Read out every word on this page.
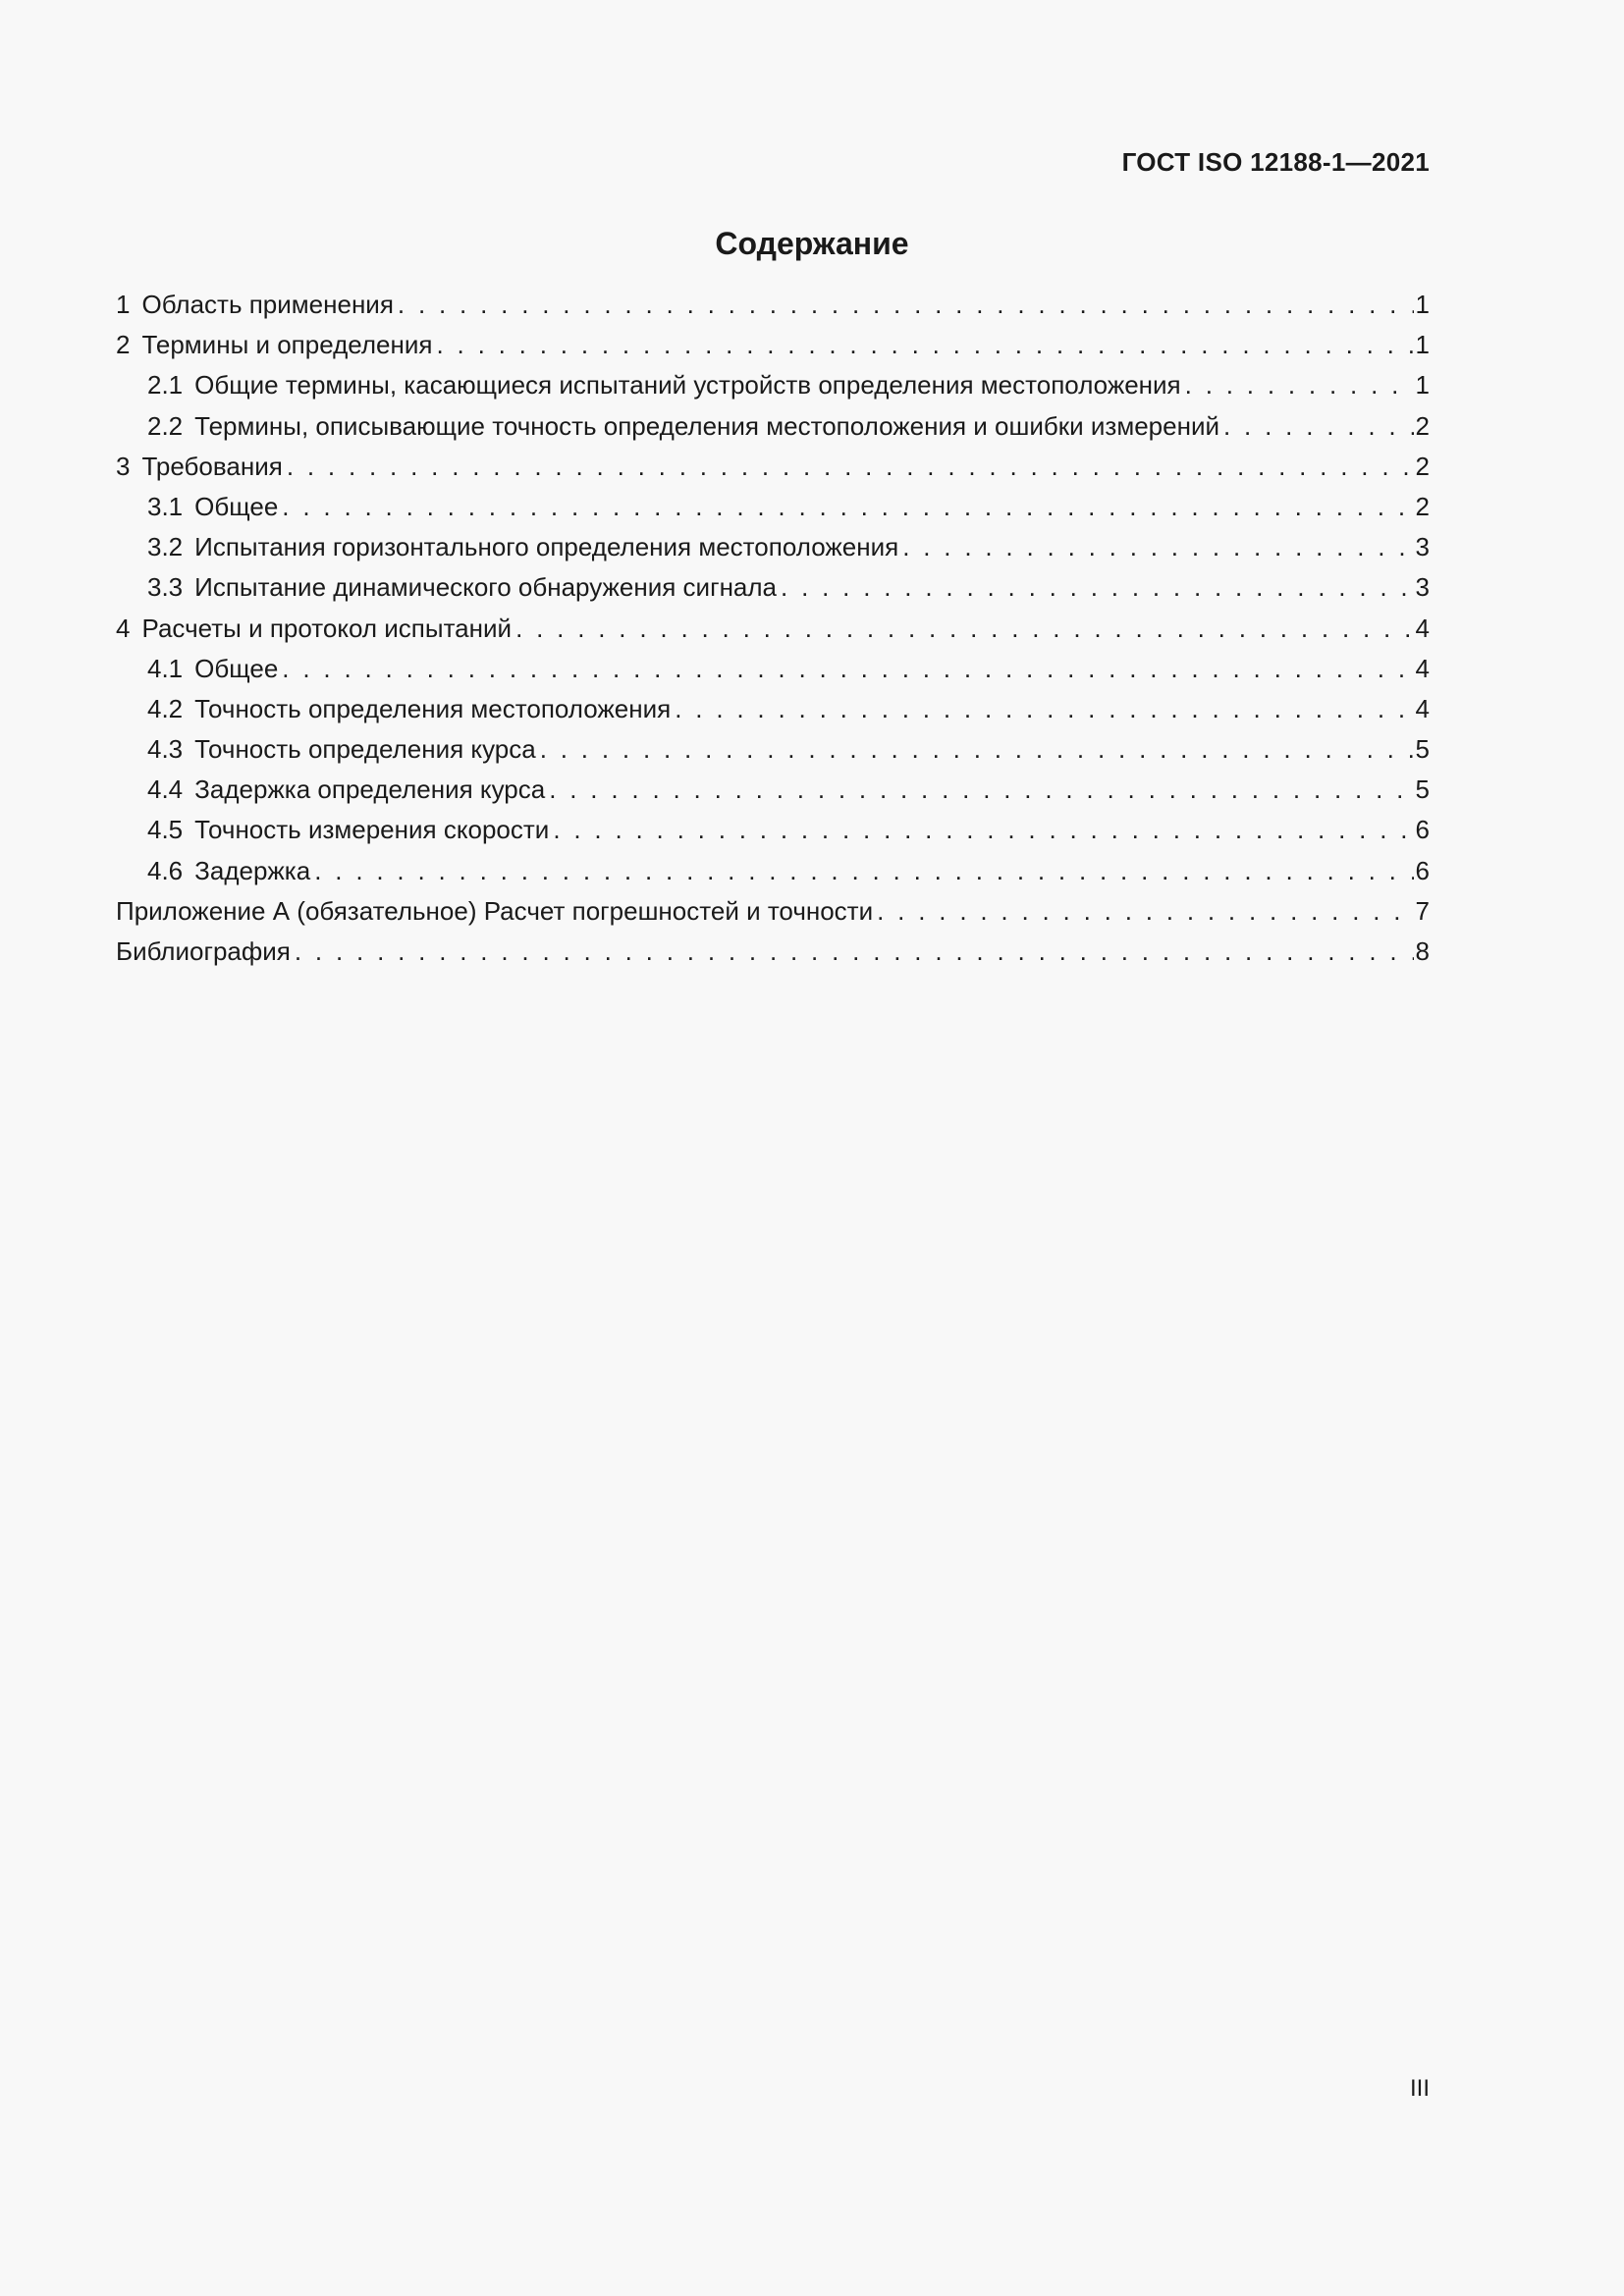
ГОСТ ISO 12188-1—2021
Содержание
1 Область применения . . .	1
2 Термины и определения . . .	1
2.1 Общие термины, касающиеся испытаний устройств определения местоположения . . .	1
2.2 Термины, описывающие точность определения местоположения и ошибки измерений . . .	2
3 Требования . . .	2
3.1 Общее . . .	2
3.2 Испытания горизонтального определения местоположения . . .	3
3.3 Испытание динамического обнаружения сигнала . . .	3
4 Расчеты и протокол испытаний . . .	4
4.1 Общее . . .	4
4.2 Точность определения местоположения . . .	4
4.3 Точность определения курса . . .	5
4.4 Задержка определения курса . . .	5
4.5 Точность измерения скорости . . .	6
4.6 Задержка . . .	6
Приложение А (обязательное) Расчет погрешностей и точности . . .	7
Библиография . . .	8
III
